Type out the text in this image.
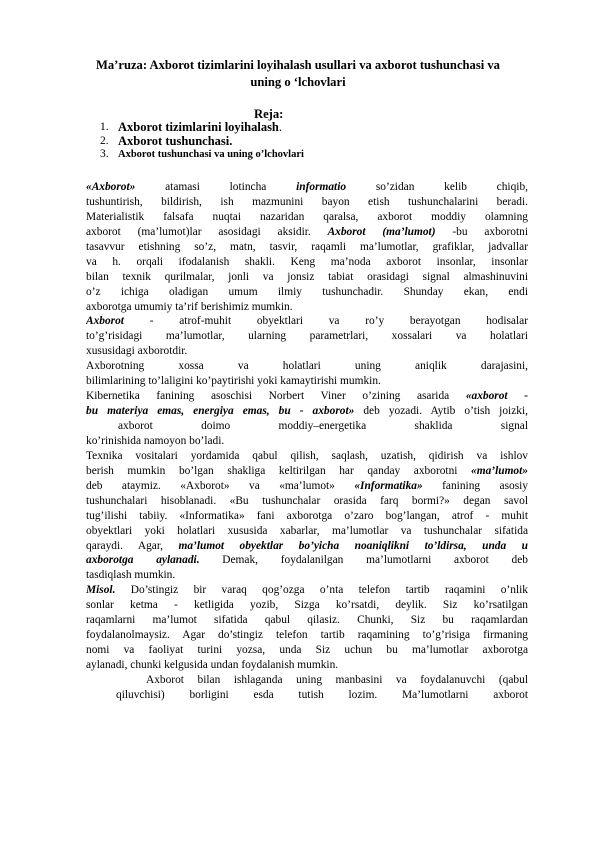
Ma’ruza: Axborot tizimlarini loyihalash usullari va axborot tushunchasi va
uning o ‘lchovlari
Reja:
1. Axborot tizimlarini loyihalash.
2. Axborot tushunchasi.
3. Axborot tushunchasi va uning o’lchovlari
«Axborot» atamasi lotincha informatio so’zidan kelib chiqib,
tushuntirish, bildirish, ish mazmunini bayon etish tushunchalarini beradi.
Materialistik falsafa nuqtai nazaridan qaralsa, axborot moddiy olamning
axborot (ma’lumot)lar asosidagi aksidir. Axborot (ma’lumot) -bu axborotni
tasavvur etishning so’z, matn, tasvir, raqamli ma’lumotlar, grafiklar, jadvallar
va h. orqali ifodalanish shakli. Keng ma’noda axborot insonlar, insonlar
bilan texnik qurilmalar, jonli va jonsiz tabiat orasidagi signal almashinuvini
o’z ichiga oladigan umum ilmiy tushunchadir. Shunday ekan, endi
axborotga umumiy ta’rif berishimiz mumkin.
Axborot - atrof-muhit obyektlari va ro’y berayotgan hodisalar
to’g’risidagi ma’lumotlar, ularning parametrlari, xossalari va holatlari
xususidagi axborotdir.
Axborotning xossa va holatlari uning aniqlik darajasini,
bilimlarining to’laligini ko’paytirishi yoki kamaytirishi mumkin.
Kibernetika fanining asoschisi Norbert Viner o’zining asarida «axborot -
bu materiya emas, energiya emas, bu - axborot» deb yozadi. Aytib o’tish joizki,
axborot doimo moddiy–energetika shaklida signal
ko’rinishida namoyon bo’ladi.
Texnika vositalari yordamida qabul qilish, saqlash, uzatish, qidirish va ishlov
berish mumkin bo’lgan shakliga keltirilgan har qanday axborotni «ma’lumot»
deb ataymiz. «Axborot» va «ma’lumot» «Informatika» fanining asosiy
tushunchalari hisoblanadi. «Bu tushunchalar orasida farq bormi?» degan savol
tug’ilishi tabiiy. «Informatika» fani axborotga o’zaro bog’langan, atrof - muhit
obyektlari yoki holatlari xususida xabarlar, ma’lumotlar va tushunchalar sifatida
qaraydi. Agar, ma’lumot obyektlar bo’yicha noaniqlikni to’ldirsa, unda u
axborotga aylanadi. Demak, foydalanilgan ma’lumotlarni axborot deb
tasdiqlash mumkin.
Misol. Do’stingiz bir varaq qog’ozga o’nta telefon tartib raqamini o’nlik
sonlar ketma - ketligida yozib, Sizga ko’rsatdi, deylik. Siz ko’rsatilgan
raqamlarni ma’lumot sifatida qabul qilasiz. Chunki, Siz bu raqamlardan
foydalanolmaysiz. Agar do’stingiz telefon tartib raqamining to’g’risiga firmaning
nomi va faoliyat turini yozsa, unda Siz uchun bu ma’lumotlar axborotga
aylanadi, chunki kelgusida undan foydalanish mumkin.
Axborot bilan ishlaganda uning manbasini va foydalanuvchi (qabul
qiluvchisi) borligini esda tutish lozim. Ma’lumotlarni axborot
